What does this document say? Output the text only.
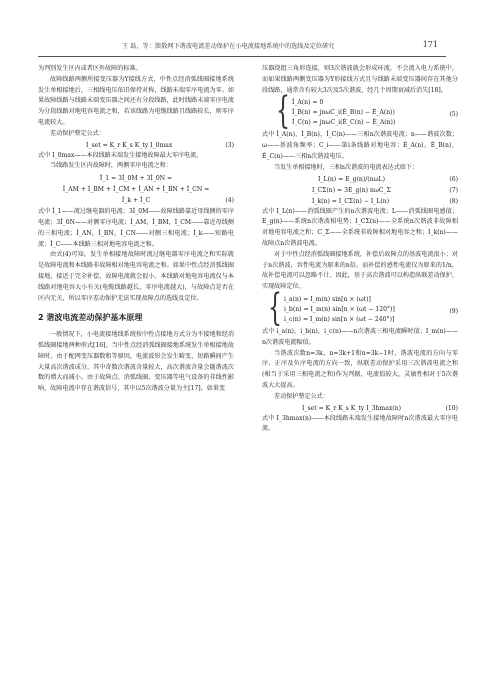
王 磊，等：馈散网下谐波电流差动保护在小电流接地系统中的选线及定位研究	171

为判别发生区内或者区外故障的标准。

故障线路两侧所接变压器为Y接线方式，中性点经消弧线圈接地系统发生单相接地后，三相线电压依旧保持对称，线路末端零序电流为零。如果故障线路与线路末端变压器之间还有分段线路，此时线路末端零序电流为分段线路对地电容电流之和，若该线路为电缆线路且线路较长，则零序电流较大。

差动保护整定公式：

I_set = K_r K_s K_ty I_0max	(3)

式中 I_0max——本段线路末端发生接地故障最大零序电流。

当线路发生区内故障时，两侧零序电流之和：

İ_1 = 3İ_0M + 3İ_0N =
İ_AM + İ_BM + İ_CM + İ_AN + İ_BN + İ_CN =
İ_k + İ_C	(4)

式中 İ_1——流过继电器的电流；3İ_0M——故障线路靠近母线侧的零序电流；3İ_0N——对侧零序电流；İ_AM，İ_BM，İ_CM——靠近母线侧的三相电流；İ_AN，İ_BN，İ_CN——对侧三相电流；İ_k——短路电流；İ_C——本线路三相对地电容电流之和。

由式(4)可知，发生单相接地故障时流过继电器零序电流之和实际就是故障电流和本线路非故障相对地电容电流之和。如果中性点经消弧线圈接地，接近于完全补偿，故障电流就会很小。本线路对地电容电流仅与本线路对地电容大小有关(电缆线路越长，零序电流越大)，与故障点是否在区内无关，所以零序差动保护无法实现故障点的选线及定位。

2 谐波电流差动保护基本原理

一般情况下，小电流接地线系统按中性点接地方式分为不接地和经消弧线圈接地两种形式[16]。当中性点经消弧线圈接地系统发生单相接地故障时，由于配网变压器数和等原因，电流波形会发生畸变，短路瞬间产生大量高次谐波成分，其中奇数次谐波含量较大，高次谐波含量会随谐波次数的增大而减小。由于故障点、消弧线圈、变压器等电气设备的非线性影响，故障电流中存在谐波信号，其中以5次谐波分量为主[17]。如果变

压器绕组三角形连接，则3次谐波就会形成环流，不会流入电力系统中，而如果线路两侧变压器为Y形接线方式且与线路末端变压器间存在其他分段线路，通常含有较大3次及5次谐波，经几个周期衰减后消失[18]。

{ İ_A(n) = 0
İ_B(n) = jnωC_i(Ė_B(n) − Ė_A(n))
İ_C(n) = jnωC_i(Ė_C(n) − Ė_A(n))
(5)

式中 İ_A(n)，İ_B(n)，İ_C(n)——三相n次谐波电流；n——谐波次数；ω——基波角频率；C_i——第i条线路对地电容；Ė_A(n)，Ė_B(n)，Ė_C(n)——三相n次谐波电压。

当发生单相接地时，三相n次谐波的电流表达式如下：

I_L(n) = E_g(n)/(nωL)	(6)
I_CΣ(n) = 3E_g(n) nωC_Σ	(7)
I_k(n) = I_CΣ(n) − I_L(n)	(8)

式中 I_L(n)——消弧线圈产生的n次谐波电流；L——消弧线圈电感值；E_g(n)——系统n次谐波相电势；I_CΣ(n)——全系统n次谐波非故障相对地电容电流之和；C_Σ——全系统非故障相对地电容之和；I_k(n)——故障点n次谐波电流。

对于中性点经消弧线圈接地系统，补偿后故障点的基波电流很小；对于n次谐波，容性电流为原来的n倍，而补偿的感性电流仅为原来的1/n，故补偿电流可以忽略不计。因此，基于高次谐波可以构造纵联差动保护，实现故障定位。

{ i_a(n) = I_m(n) sin[n × (ωt)]
i_b(n) = I_m(n) sin[n × (ωt − 120°)]
i_c(n) = I_m(n) sin[n × (ωt − 240°)]
(9)

式中 i_a(n)，i_b(n)，i_c(n)——n次谐波三相电流瞬时值；I_m(n)——n次谐波电流幅值。

当谐波次数n=3k、n=3k+1和n=3k−1时，谐波电流的方向与零序、正序及负序电流的方向一致，纵联差动保护采用三次谐波电流之和(相当于采用三相电流之和)作为判据，电流值较大，灵敏性相对于5次谐波大大提高。

差动保护整定公式：

I_set = K_r K_s K_ty I_3hmax(n)	(10)

式中 I_3hmax(n)——本段线路末端发生接地故障时n次谐波最大零序电流。
